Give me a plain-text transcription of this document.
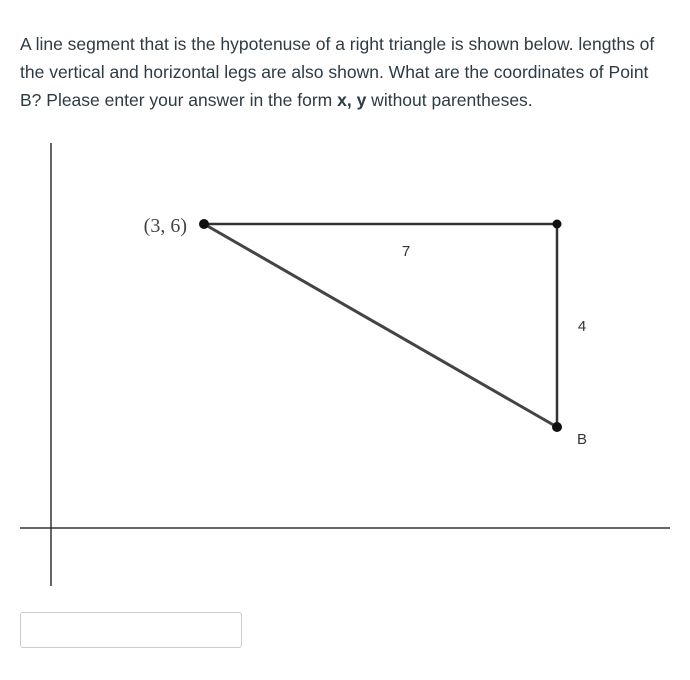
A line segment that is the hypotenuse of a right triangle is shown below. lengths of the vertical and horizontal legs are also shown. What are the coordinates of Point B? Please enter your answer in the form x, y without parentheses.
(3, 6)
7
4
B
